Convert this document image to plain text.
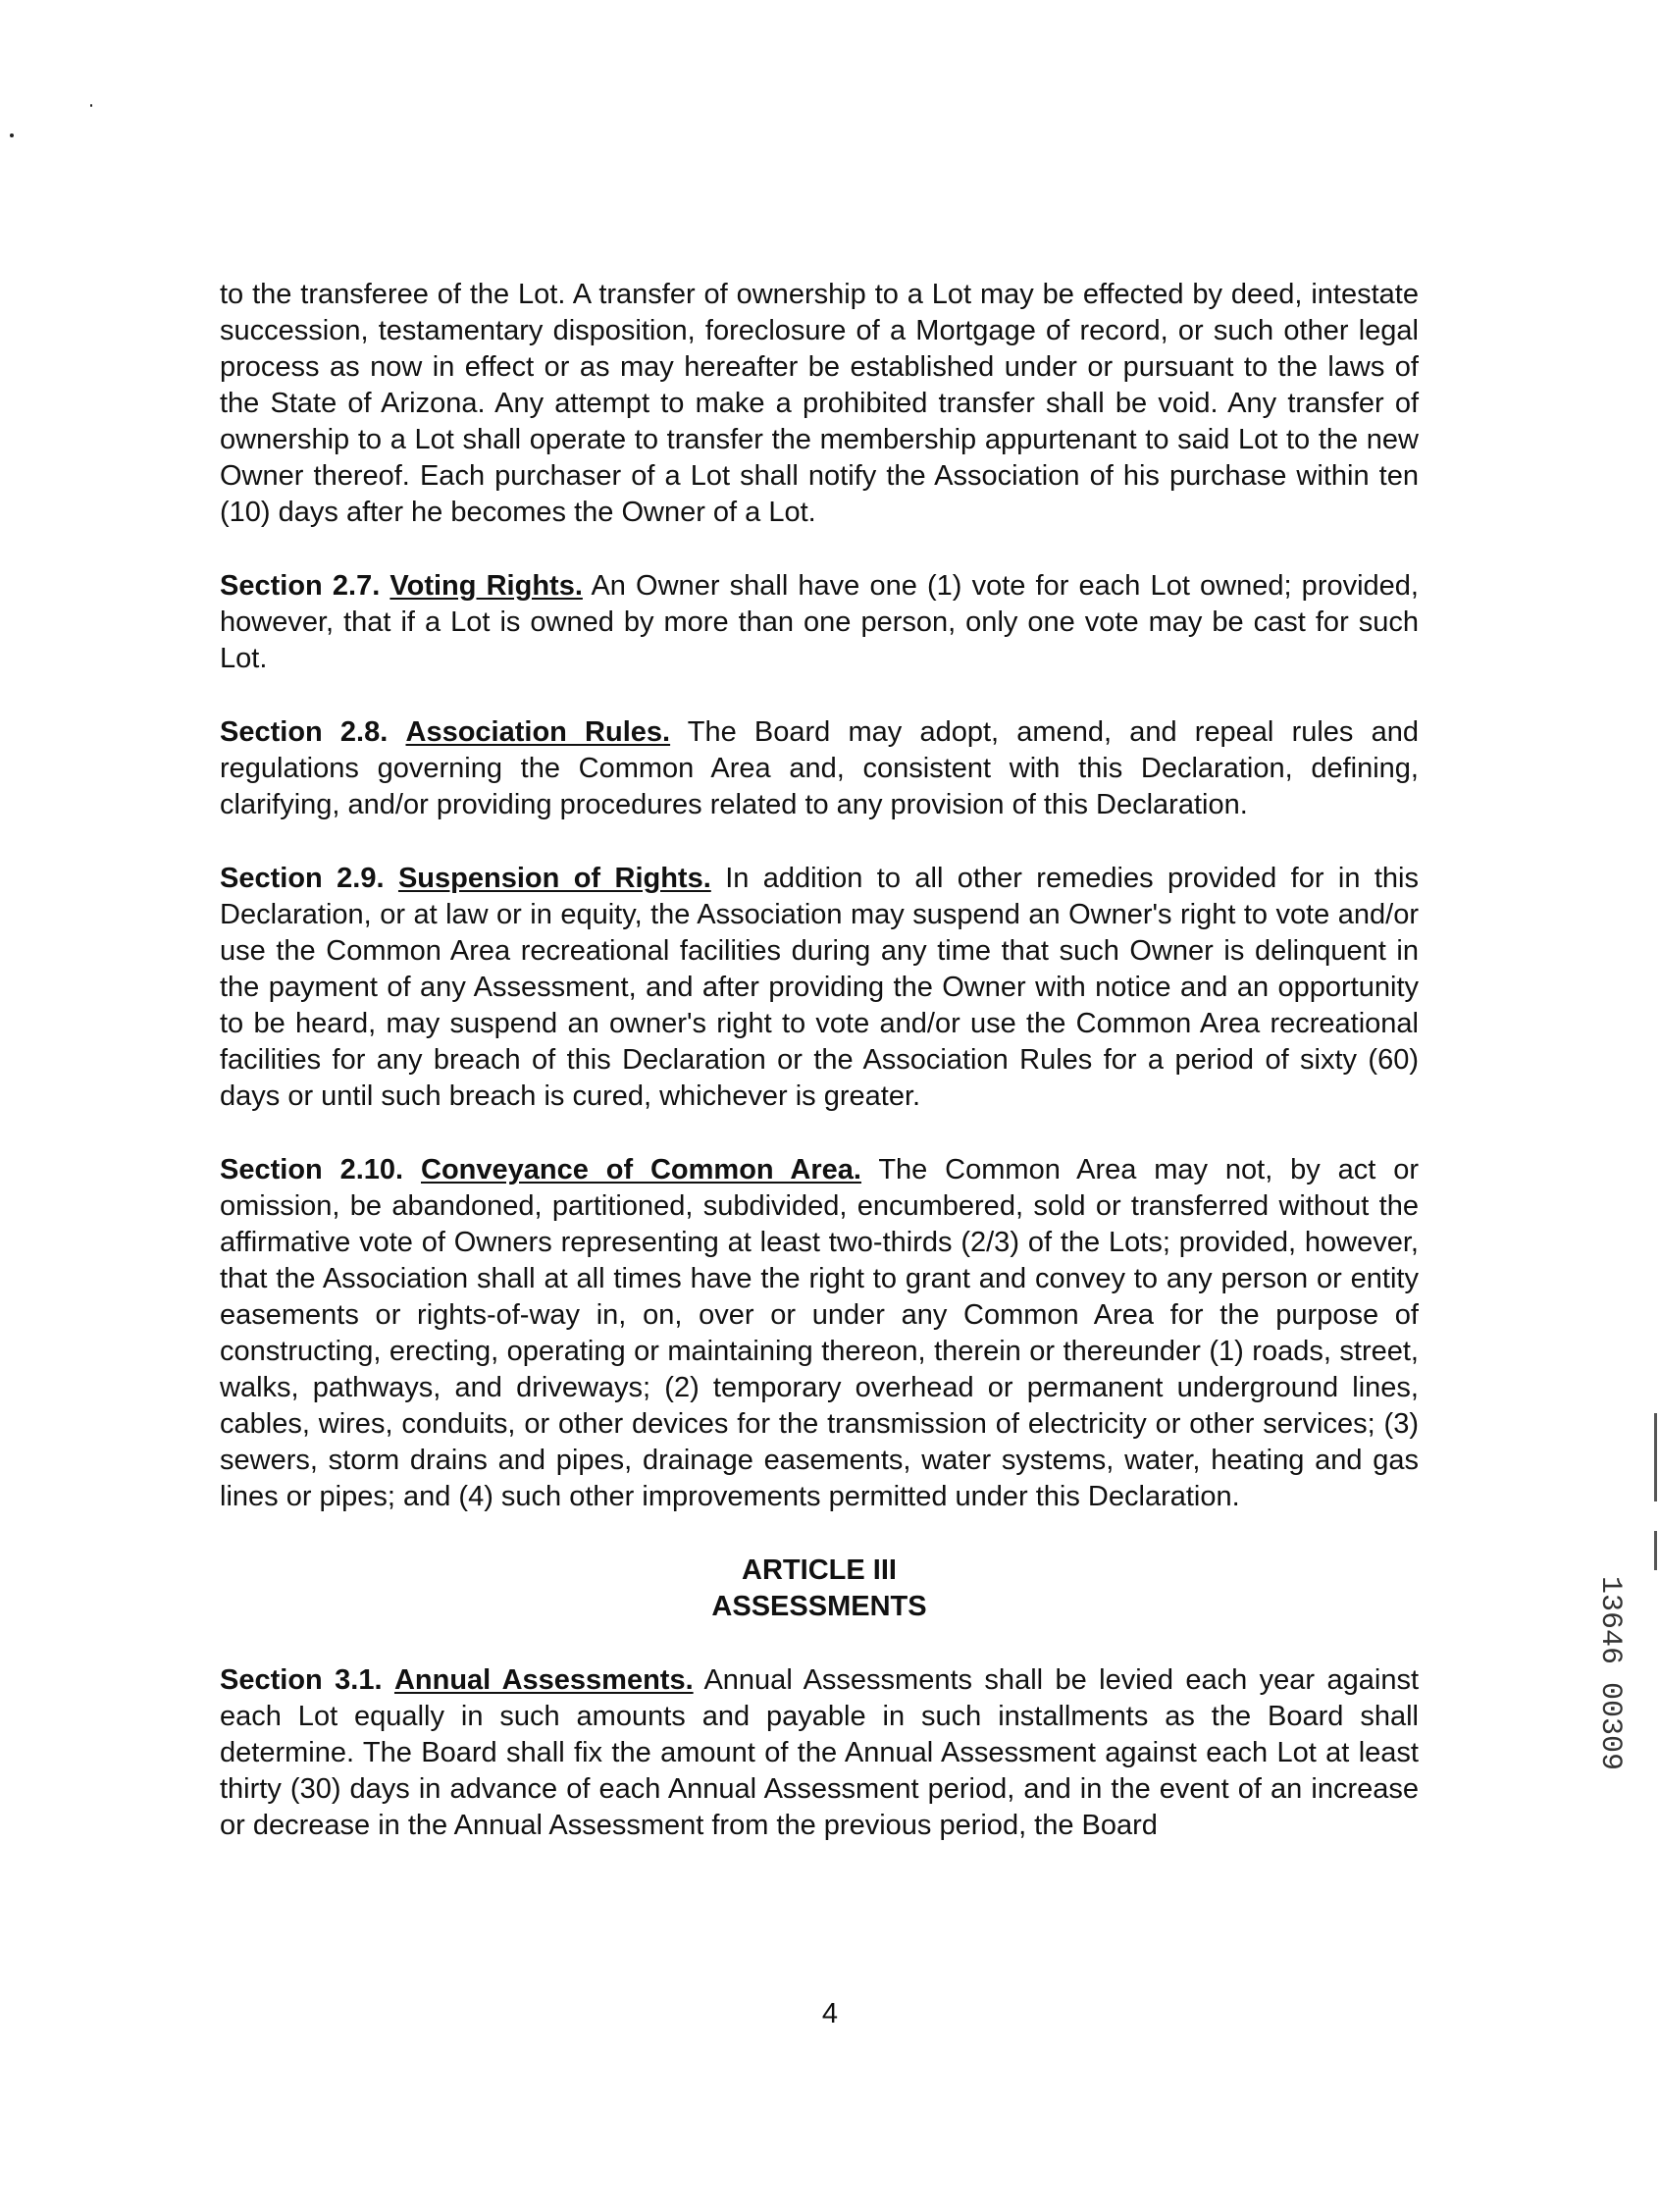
to the transferee of the Lot. A transfer of ownership to a Lot may be effected by deed, intestate succession, testamentary disposition, foreclosure of a Mortgage of record, or such other legal process as now in effect or as may hereafter be established under or pursuant to the laws of the State of Arizona. Any attempt to make a prohibited transfer shall be void. Any transfer of ownership to a Lot shall operate to transfer the membership appurtenant to said Lot to the new Owner thereof. Each purchaser of a Lot shall notify the Association of his purchase within ten (10) days after he becomes the Owner of a Lot.

Section 2.7. Voting Rights. An Owner shall have one (1) vote for each Lot owned; provided, however, that if a Lot is owned by more than one person, only one vote may be cast for such Lot.

Section 2.8. Association Rules. The Board may adopt, amend, and repeal rules and regulations governing the Common Area and, consistent with this Declaration, defining, clarifying, and/or providing procedures related to any provision of this Declaration.

Section 2.9. Suspension of Rights. In addition to all other remedies provided for in this Declaration, or at law or in equity, the Association may suspend an Owner's right to vote and/or use the Common Area recreational facilities during any time that such Owner is delinquent in the payment of any Assessment, and after providing the Owner with notice and an opportunity to be heard, may suspend an owner's right to vote and/or use the Common Area recreational facilities for any breach of this Declaration or the Association Rules for a period of sixty (60) days or until such breach is cured, whichever is greater.

Section 2.10. Conveyance of Common Area. The Common Area may not, by act or omission, be abandoned, partitioned, subdivided, encumbered, sold or transferred without the affirmative vote of Owners representing at least two-thirds (2/3) of the Lots; provided, however, that the Association shall at all times have the right to grant and convey to any person or entity easements or rights-of-way in, on, over or under any Common Area for the purpose of constructing, erecting, operating or maintaining thereon, therein or thereunder (1) roads, street, walks, pathways, and driveways; (2) temporary overhead or permanent underground lines, cables, wires, conduits, or other devices for the transmission of electricity or other services; (3) sewers, storm drains and pipes, drainage easements, water systems, water, heating and gas lines or pipes; and (4) such other improvements permitted under this Declaration.

ARTICLE III
ASSESSMENTS

Section 3.1. Annual Assessments. Annual Assessments shall be levied each year against each Lot equally in such amounts and payable in such installments as the Board shall determine. The Board shall fix the amount of the Annual Assessment against each Lot at least thirty (30) days in advance of each Annual Assessment period, and in the event of an increase or decrease in the Annual Assessment from the previous period, the Board

4
13646 00309
